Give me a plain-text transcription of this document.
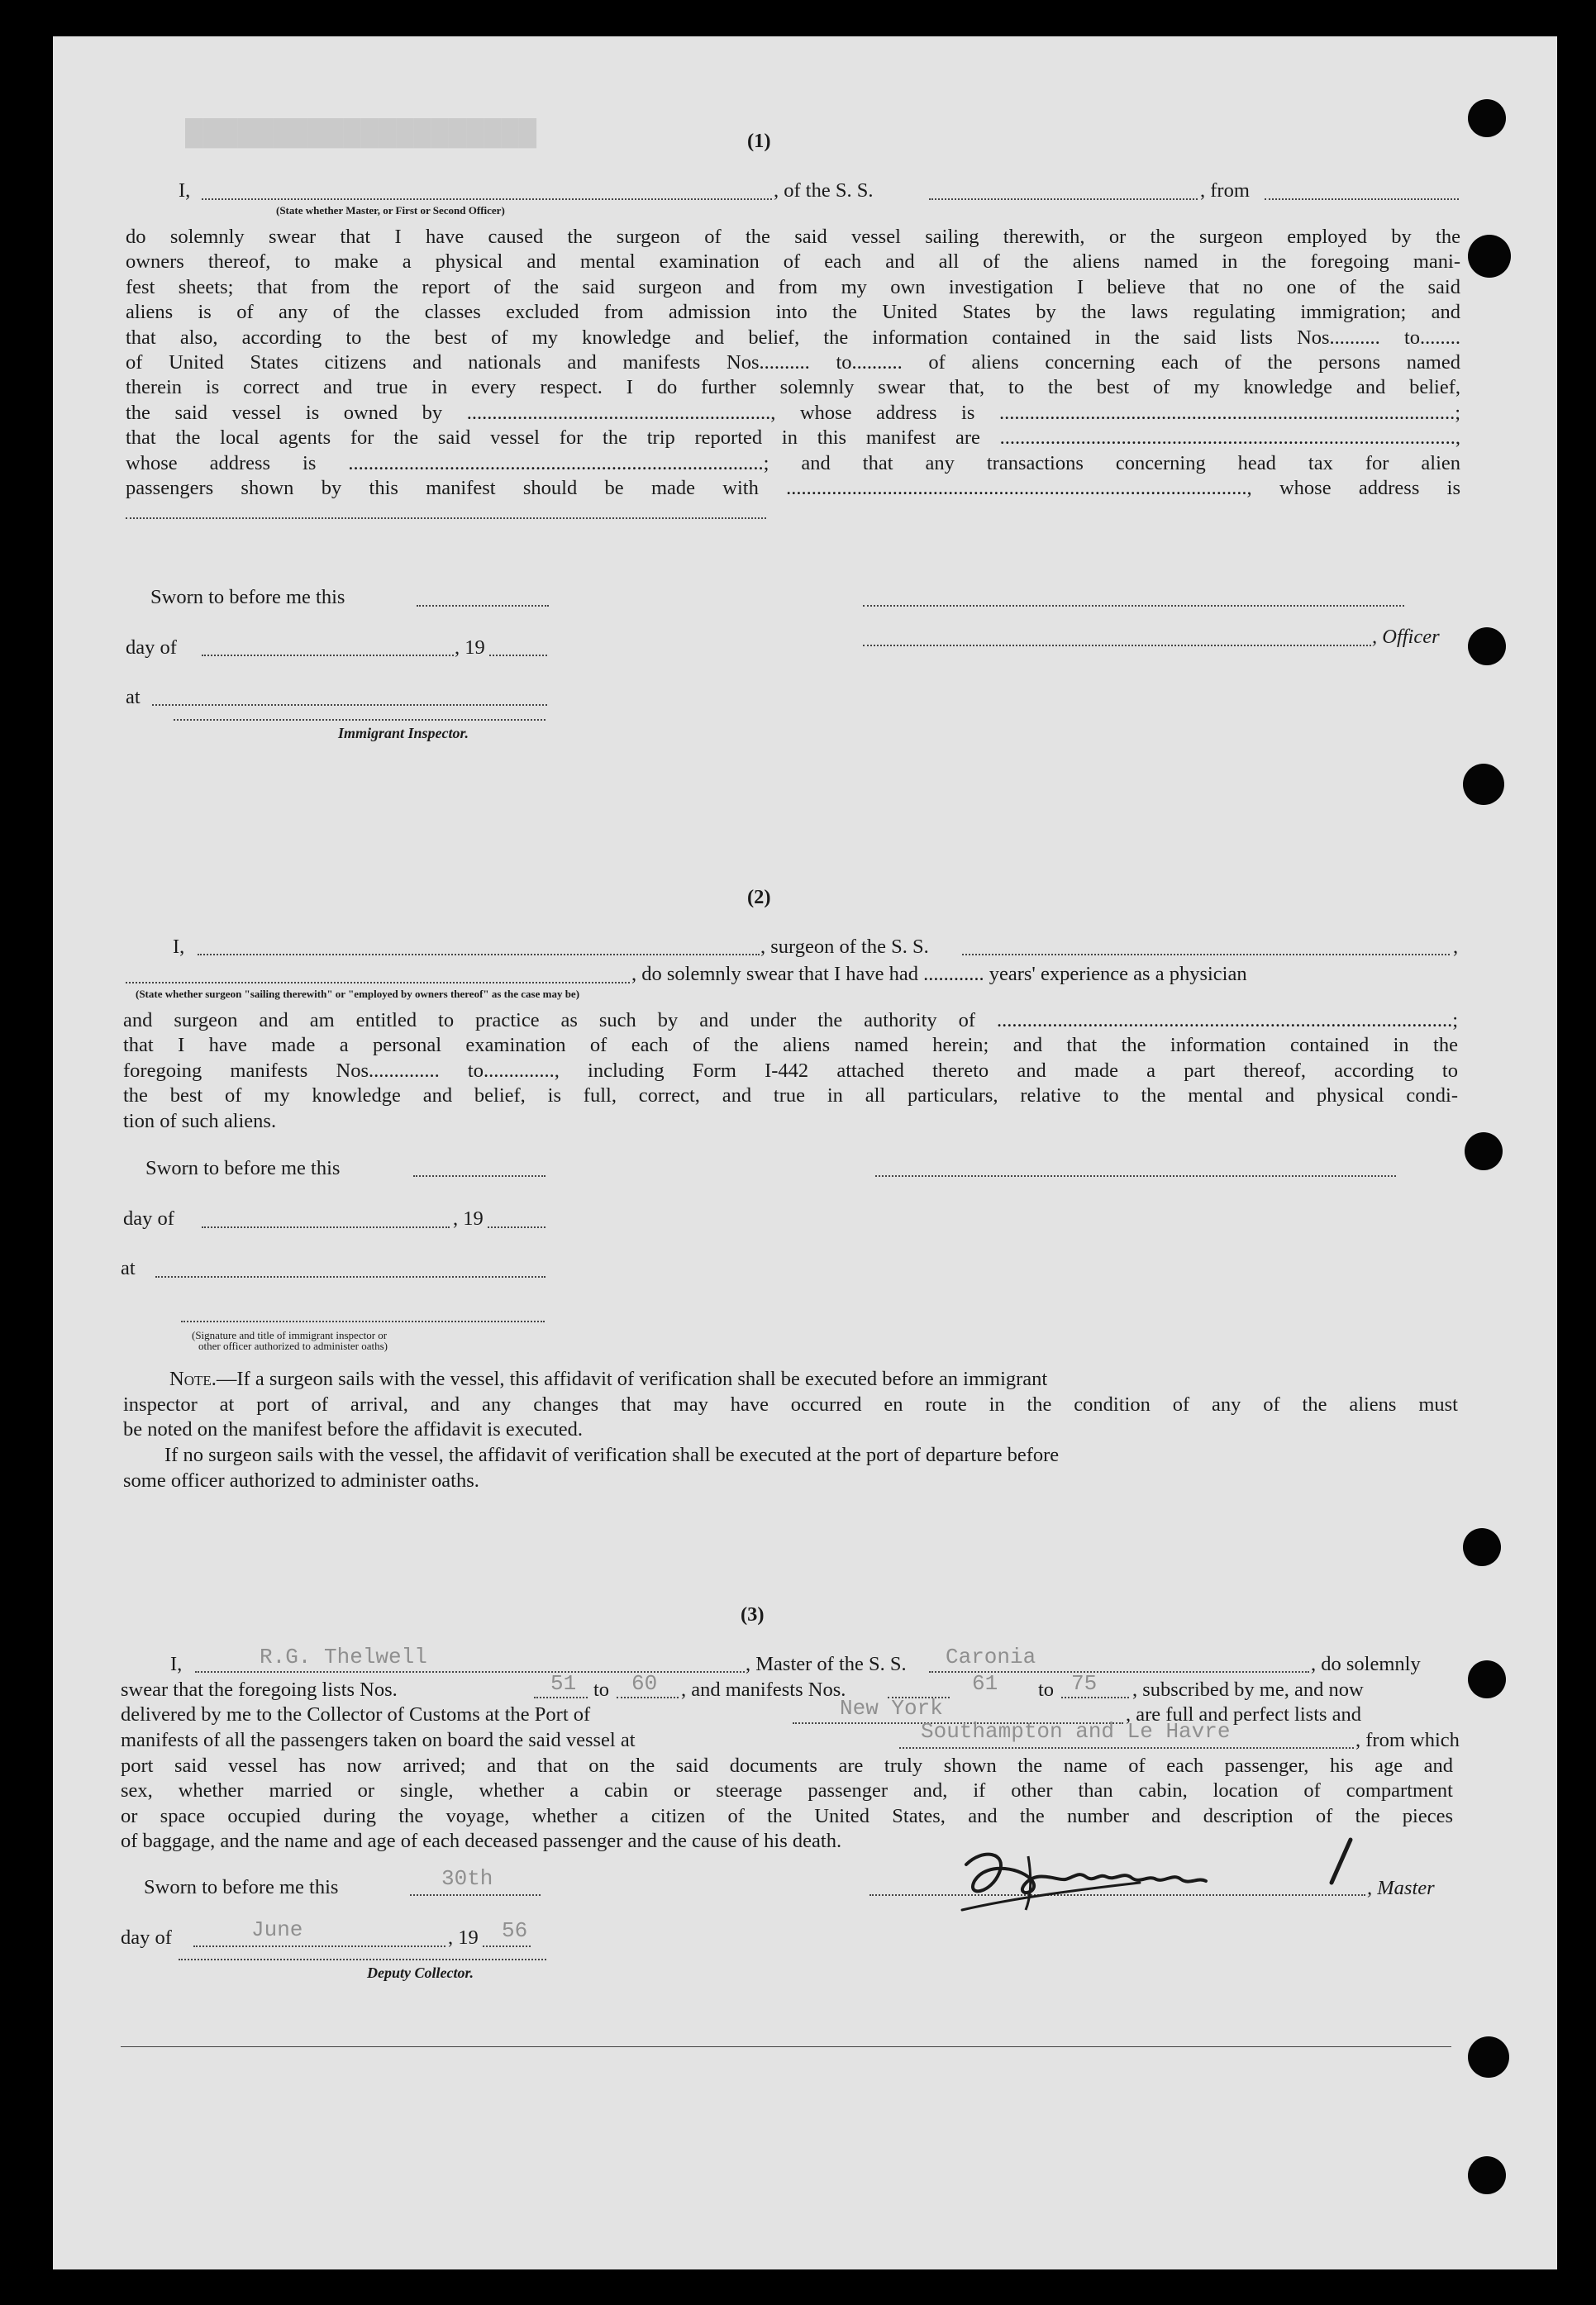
████████████████████	(1)
I,	, of the S. S.	, from
(State whether Master, or First or Second Officer)
do solemnly swear that I have caused the surgeon of the said vessel sailing therewith, or the surgeon employed by the
owners thereof, to make a physical and mental examination of each and all of the aliens named in the foregoing mani-
fest sheets; that from the report of the said surgeon and from my own investigation I believe that no one of the said
aliens is of any of the classes excluded from admission into the United States by the laws regulating immigration; and
that also, according to the best of my knowledge and belief, the information contained in the said lists Nos.......... to........
of United States citizens and nationals and manifests Nos.......... to.......... of aliens concerning each of the persons named
therein is correct and true in every respect. I do further solemnly swear that, to the best of my knowledge and belief,
the said vessel is owned by ............................................................, whose address is ..........................................................................................;
that the local agents for the said vessel for the trip reported in this manifest are ..........................................................................................,
whose address is ..................................................................................; and that any transactions concerning head tax for alien
passengers shown by this manifest should be made with ..........................................................................................., whose address is
Sworn to before me this
day of	, 19	, Officer
at
Immigrant Inspector.
(2)
I,	, surgeon of the S. S.	,
, do solemnly swear that I have had ............ years' experience as a physician
(State whether surgeon "sailing therewith" or "employed by owners thereof" as the case may be)
and surgeon and am entitled to practice as such by and under the authority of ..........................................................................................;
that I have made a personal examination of each of the aliens named herein; and that the information contained in the
foregoing manifests Nos.............. to.............., including Form I-442 attached thereto and made a part thereof, according to
the best of my knowledge and belief, is full, correct, and true in all particulars, relative to the mental and physical condi-
tion of such aliens.
Sworn to before me this
day of	, 19
at
(Signature and title of immigrant inspector or
other officer authorized to administer oaths)
Note.—If a surgeon sails with the vessel, this affidavit of verification shall be executed before an immigrant
inspector at port of arrival, and any changes that may have occurred en route in the condition of any of the aliens must
be noted on the manifest before the affidavit is executed.
If no surgeon sails with the vessel, the affidavit of verification shall be executed at the port of departure before
some officer authorized to administer oaths.
(3)
I,	R.G. Thelwell	, Master of the S. S. Caronia	, do solemnly
swear that the foregoing lists Nos.	51 to 60 , and manifests Nos.	61 to 75 , subscribed by me, and now
delivered by me to the Collector of Customs at the Port of	New York	, are full and perfect lists and
manifests of all the passengers taken on board the said vessel at	Southampton and Le Havre	, from which
port said vessel has now arrived; and that on the said documents are truly shown the name of each passenger, his age and
sex, whether married or single, whether a cabin or steerage passenger and, if other than cabin, location of compartment
or space occupied during the voyage, whether a citizen of the United States, and the number and description of the pieces
of baggage, and the name and age of each deceased passenger and the cause of his death.
Sworn to before me this	30th	, Master
day of	June	, 19 56
Deputy Collector.
